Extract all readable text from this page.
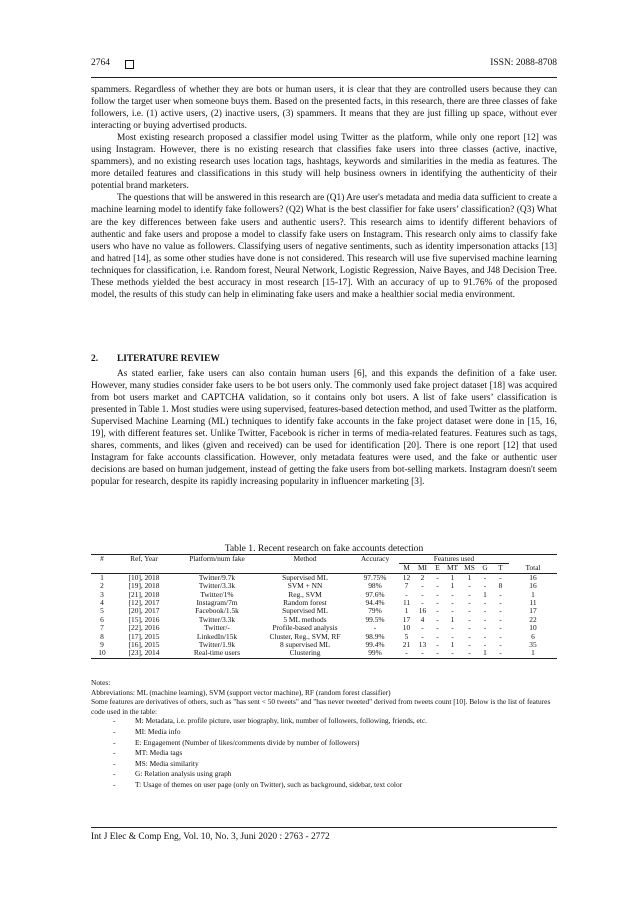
2764	ISSN: 2088-8708

spammers. Regardless of whether they are bots or human users, it is clear that they are controlled users because they can follow the target user when someone buys them. Based on the presented facts, in this research, there are three classes of fake followers, i.e. (1) active users, (2) inactive users, (3) spammers. It means that they are just filling up space, without ever interacting or buying advertised products.

Most existing research proposed a classifier model using Twitter as the platform, while only one report [12] was using Instagram. However, there is no existing research that classifies fake users into three classes (active, inactive, spammers), and no existing research uses location tags, hashtags, keywords and similarities in the media as features. The more detailed features and classifications in this study will help business owners in identifying the authenticity of their potential brand marketers.

The questions that will be answered in this research are (Q1) Are user's metadata and media data sufficient to create a machine learning model to identify fake followers? (Q2) What is the best classifier for fake users’ classification? (Q3) What are the key differences between fake users and authentic users?. This research aims to identify different behaviors of authentic and fake users and propose a model to classify fake users on Instagram. This research only aims to classify fake users who have no value as followers. Classifying users of negative sentiments, such as identity impersonation attacks [13] and hatred [14], as some other studies have done is not considered. This research will use five supervised machine learning techniques for classification, i.e. Random forest, Neural Network, Logistic Regression, Naive Bayes, and J48 Decision Tree. These methods yielded the best accuracy in most research [15-17]. With an accuracy of up to 91.76% of the proposed model, the results of this study can help in eliminating fake users and make a healthier social media environment.

2. LITERATURE REVIEW

As stated earlier, fake users can also contain human users [6], and this expands the definition of a fake user. However, many studies consider fake users to be bot users only. The commonly used fake project dataset [18] was acquired from bot users market and CAPTCHA validation, so it contains only bot users. A list of fake users’ classification is presented in Table 1. Most studies were using supervised, features-based detection method, and used Twitter as the platform. Supervised Machine Learning (ML) techniques to identify fake accounts in the fake project dataset were done in [15, 16, 19], with different features set. Unlike Twitter, Facebook is richer in terms of media-related features. Features such as tags, shares, comments, and likes (given and received) can be used for identification [20]. There is one report [12] that used Instagram for fake accounts classification. However, only metadata features were used, and the fake or authentic user decisions are based on human judgement, instead of getting the fake users from bot-selling markets. Instagram doesn't seem popular for research, despite its rapidly increasing popularity in influencer marketing [3].

Table 1. Recent research on fake accounts detection
#	Ref, Year	Platform/num fake	Method	Accuracy	Features used							
					M	MI	E	MT	MS	G	T	Total
1	[10], 2018	Twitter/9.7k	Supervised ML	97.75%	12	2	-	1	1	-	-	16
2	[19], 2018	Twitter/3.3k	SVM + NN	98%	7	-	-	1	-	-	8	16
3	[21], 2018	Twitter/1%	Reg., SVM	97.6%	-	-	-	-	-	1	-	1
4	[12], 2017	Instagram/7m	Random forest	94.4%	11	-	-	-	-	-	-	11
5	[20], 2017	Facebook/1.5k	Supervised ML	79%	1	16	-	-	-	-	-	17
6	[15], 2016	Twitter/3.3k	5 ML methods	99.5%	17	4	-	1	-	-	-	22
7	[22], 2016	Twitter/-	Profile-based analysis	-	10	-	-	-	-	-	-	10
8	[17], 2015	LinkedIn/15k	Cluster, Reg., SVM, RF	98.9%	5	-	-	-	-	-	-	6
9	[16], 2015	Twitter/1.9k	8 supervised ML	99.4%	21	13	-	1	-	-	-	35
10	[23], 2014	Real-time users	Clustering	99%	-	-	-	-	-	1	-	1
Notes:
Abbreviations: ML (machine learning), SVM (support vector machine), RF (random forest classifier)
Some features are derivatives of others, such as "has sent < 50 tweets" and "has never tweeted" derived from tweets count [10]. Below is the list of features code used in the table:
- M: Metadata, i.e. profile picture, user biography, link, number of followers, following, friends, etc.
- MI: Media info
- E: Engagement (Number of likes/comments divide by number of followers)
- MT: Media tags
- MS: Media similarity
- G: Relation analysis using graph
- T: Usage of themes on user page (only on Twitter), such as background, sidebar, text color
Int J Elec & Comp Eng, Vol. 10, No. 3, Juni 2020 : 2763 - 2772
